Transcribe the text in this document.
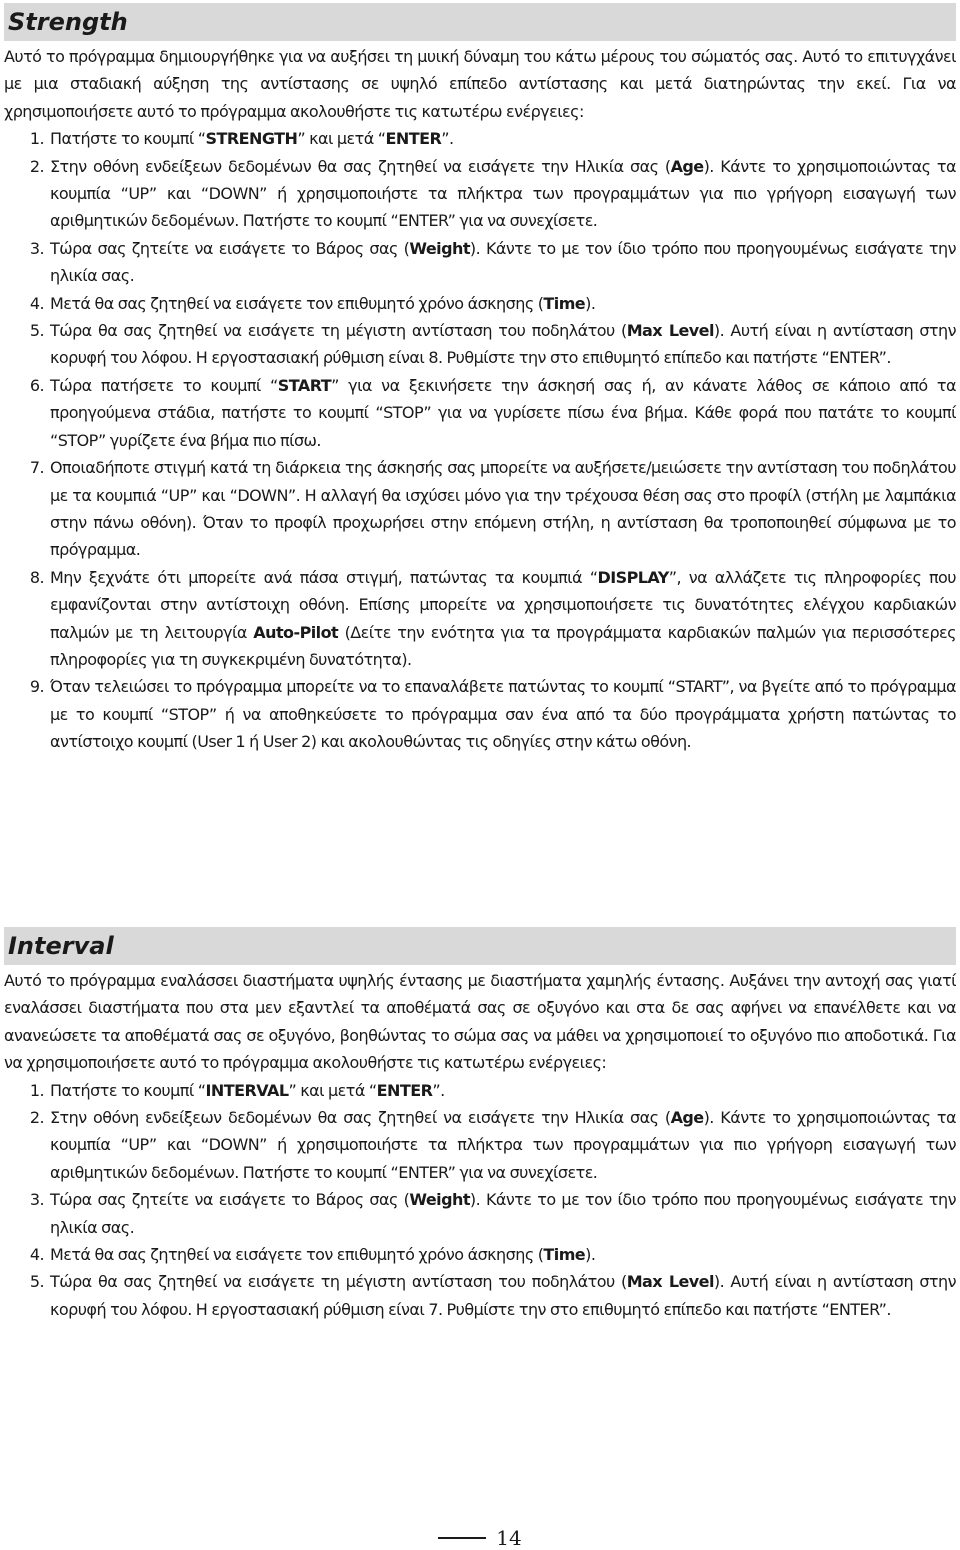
Strength

Αυτό το πρόγραμμα δημιουργήθηκε για να αυξήσει τη μυική δύναμη του κάτω μέρους του σώματός σας. Αυτό το επιτυγχάνει με μια σταδιακή αύξηση της αντίστασης σε υψηλό επίπεδο αντίστασης και μετά διατηρώντας την εκεί. Για να χρησιμοποιήσετε αυτό το πρόγραμμα ακολουθήστε τις κατωτέρω ενέργειες:

1. Πατήστε το κουμπί “STRENGTH” και μετά “ENTER”.
2. Στην οθόνη ενδείξεων δεδομένων θα σας ζητηθεί να εισάγετε την Ηλικία σας (Age). Κάντε το χρησιμοποιώντας τα κουμπία “UP” και “DOWN” ή χρησιμοποιήστε τα πλήκτρα των προγραμμάτων για πιο γρήγορη εισαγωγή των αριθμητικών δεδομένων. Πατήστε το κουμπί “ENTER” για να συνεχίσετε.
3. Τώρα σας ζητείτε να εισάγετε το Βάρος σας (Weight). Κάντε το με τον ίδιο τρόπο που προηγουμένως εισάγατε την ηλικία σας.
4. Μετά θα σας ζητηθεί να εισάγετε τον επιθυμητό χρόνο άσκησης (Time).
5. Τώρα θα σας ζητηθεί να εισάγετε τη μέγιστη αντίσταση του ποδηλάτου (Max Level). Αυτή είναι η αντίσταση στην κορυφή του λόφου. Η εργοστασιακή ρύθμιση είναι 8. Ρυθμίστε την στο επιθυμητό επίπεδο και πατήστε “ENTER”.
6. Τώρα πατήσετε το κουμπί “START” για να ξεκινήσετε την άσκησή σας ή, αν κάνατε λάθος σε κάποιο από τα προηγούμενα στάδια, πατήστε το κουμπί “STOP” για να γυρίσετε πίσω ένα βήμα. Κάθε φορά που πατάτε το κουμπί “STOP” γυρίζετε ένα βήμα πιο πίσω.
7. Οποιαδήποτε στιγμή κατά τη διάρκεια της άσκησής σας μπορείτε να αυξήσετε/μειώσετε την αντίσταση του ποδηλάτου με τα κουμπιά “UP” και “DOWN”. Η αλλαγή θα ισχύσει μόνο για την τρέχουσα θέση σας στο προφίλ (στήλη με λαμπάκια στην πάνω οθόνη). Όταν το προφίλ προχωρήσει στην επόμενη στήλη, η αντίσταση θα τροποποιηθεί σύμφωνα με το πρόγραμμα.
8. Μην ξεχνάτε ότι μπορείτε ανά πάσα στιγμή, πατώντας τα κουμπιά “DISPLAY”, να αλλάζετε τις πληροφορίες που εμφανίζονται στην αντίστοιχη οθόνη. Επίσης μπορείτε να χρησιμοποιήσετε τις δυνατότητες ελέγχου καρδιακών παλμών με τη λειτουργία Auto-Pilot (Δείτε την ενότητα για τα προγράμματα καρδιακών παλμών για περισσότερες πληροφορίες για τη συγκεκριμένη δυνατότητα).
9. Όταν τελειώσει το πρόγραμμα μπορείτε να το επαναλάβετε πατώντας το κουμπί “START”, να βγείτε από το πρόγραμμα με το κουμπί “STOP” ή να αποθηκεύσετε το πρόγραμμα σαν ένα από τα δύο προγράμματα χρήστη πατώντας το αντίστοιχο κουμπί (User 1 ή User 2) και ακολουθώντας τις οδηγίες στην κάτω οθόνη.
Interval

Αυτό το πρόγραμμα εναλάσσει διαστήματα υψηλής έντασης με διαστήματα χαμηλής έντασης. Αυξάνει την αντοχή σας γιατί εναλάσσει διαστήματα που στα μεν εξαντλεί τα αποθέματά σας σε οξυγόνο και στα δε σας αφήνει να επανέλθετε και να ανανεώσετε τα αποθέματά σας σε οξυγόνο, βοηθώντας το σώμα σας να μάθει να χρησιμοποιεί το οξυγόνο πιο αποδοτικά. Για να χρησιμοποιήσετε αυτό το πρόγραμμα ακολουθήστε τις κατωτέρω ενέργειες:

1. Πατήστε το κουμπί “INTERVAL” και μετά “ENTER”.
2. Στην οθόνη ενδείξεων δεδομένων θα σας ζητηθεί να εισάγετε την Ηλικία σας (Age). Κάντε το χρησιμοποιώντας τα κουμπία “UP” και “DOWN” ή χρησιμοποιήστε τα πλήκτρα των προγραμμάτων για πιο γρήγορη εισαγωγή των αριθμητικών δεδομένων. Πατήστε το κουμπί “ENTER” για να συνεχίσετε.
3. Τώρα σας ζητείτε να εισάγετε το Βάρος σας (Weight). Κάντε το με τον ίδιο τρόπο που προηγουμένως εισάγατε την ηλικία σας.
4. Μετά θα σας ζητηθεί να εισάγετε τον επιθυμητό χρόνο άσκησης (Time).
5. Τώρα θα σας ζητηθεί να εισάγετε τη μέγιστη αντίσταση του ποδηλάτου (Max Level). Αυτή είναι η αντίσταση στην κορυφή του λόφου. Η εργοστασιακή ρύθμιση είναι 7. Ρυθμίστε την στο επιθυμητό επίπεδο και πατήστε “ENTER”.
14
